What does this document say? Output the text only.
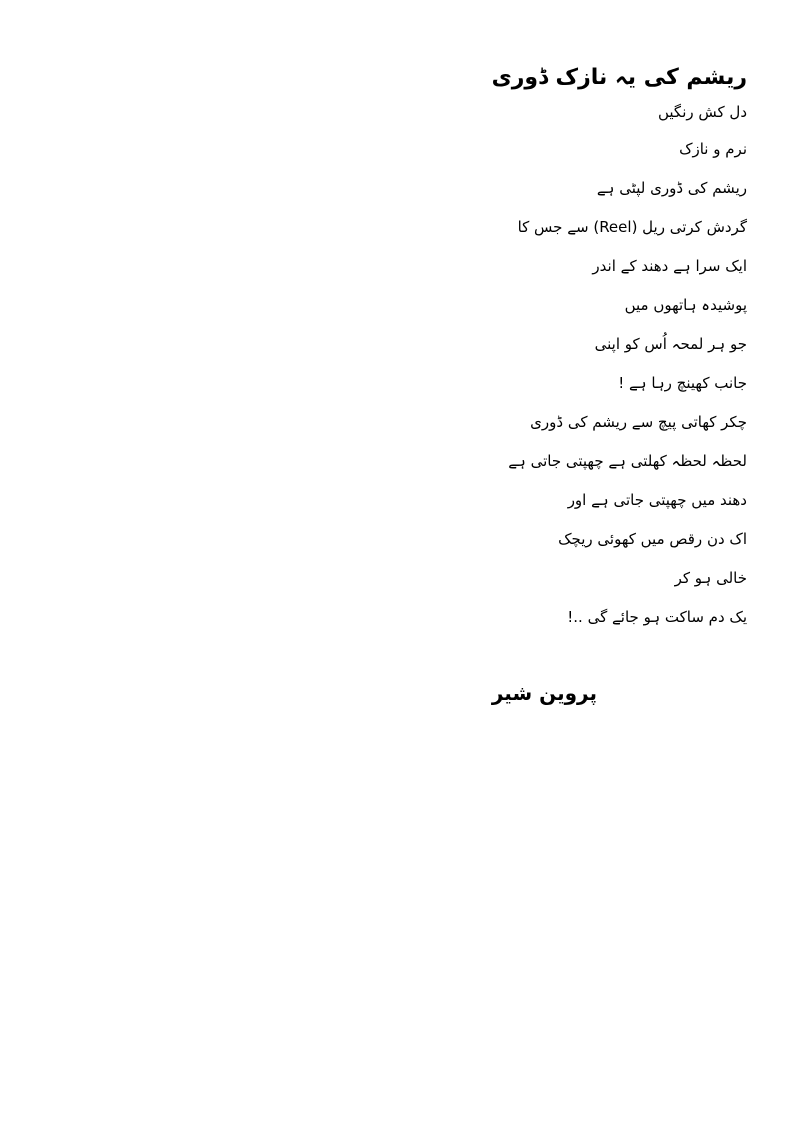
ریشم کی یہ نازک ڈوری
دل کش رنگیں
نرم و نازک
ریشم کی ڈوری لپٹی ہے
گردش کرتی ریل (Reel) سے جس کا
ایک سرا ہے دھند کے اندر
پوشیدہ ہاتھوں میں
جو ہر لمحہ اُس کو اپنی
جانب کھینچ رہا ہے !
چکر کھاتی پیچ سے ریشم کی ڈوری
لحظہ لحظہ کھلتی ہے چھپتی جاتی ہے
دھند میں چھپتی جاتی ہے اور
اک دن رقص میں کھوئی ریچک
خالی ہو کر
یک دم ساکت ہو جائے گی ..!
پروین شیر
